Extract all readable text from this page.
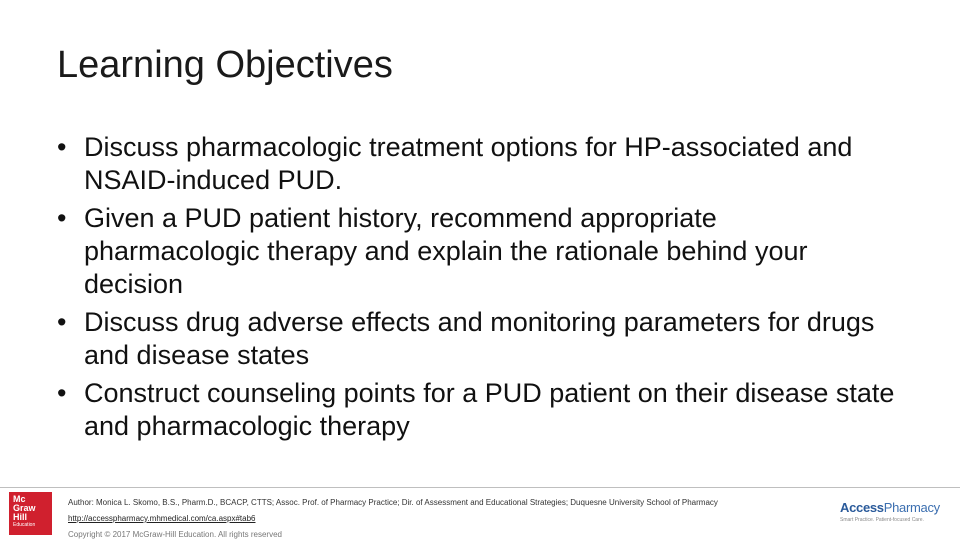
Learning Objectives
• Discuss pharmacologic treatment options for HP-associated and NSAID-induced PUD.
• Given a PUD patient history, recommend appropriate pharmacologic therapy and explain the rationale behind your decision
• Discuss drug adverse effects and monitoring parameters for drugs and disease states
• Construct counseling points for a PUD patient on their disease state and pharmacologic therapy
Mc
Graw
Hill
Education
Author: Monica L. Skomo, B.S., Pharm.D., BCACP, CTTS; Assoc. Prof. of Pharmacy Practice; Dir. of Assessment and Educational Strategies; Duquesne University School of Pharmacy
http://accesspharmacy.mhmedical.com/ca.aspx#tab6
Copyright © 2017 McGraw-Hill Education. All rights reserved
AccessPharmacy
Smart Practice. Patient-focused Care.
